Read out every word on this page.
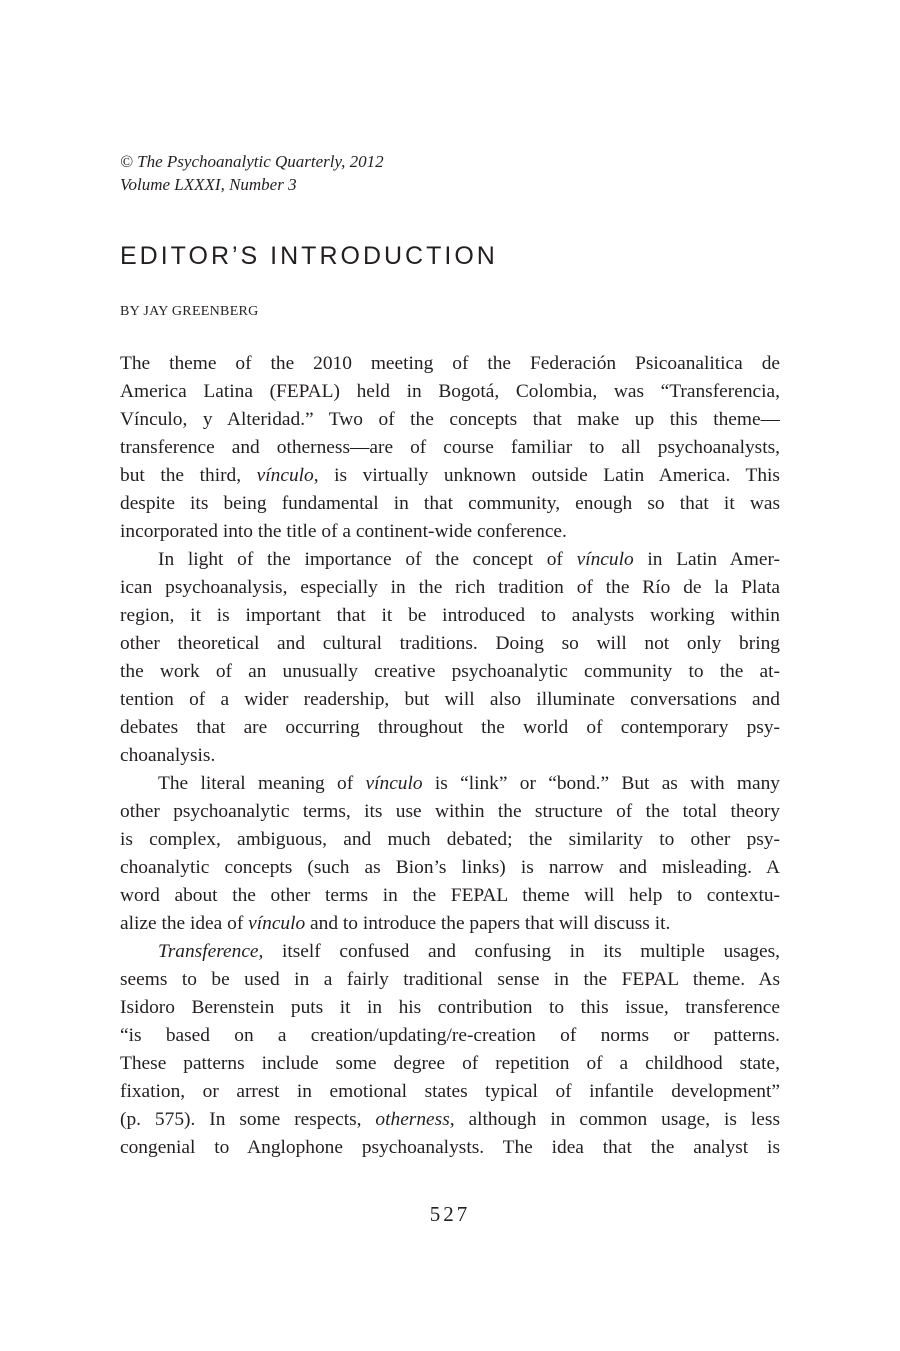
© The Psychoanalytic Quarterly, 2012
Volume LXXXI, Number 3
EDITOR’S INTRODUCTION
BY JAY GREENBERG
The theme of the 2010 meeting of the Federación Psicoanalitica de
America Latina (FEPAL) held in Bogotá, Colombia, was “Transferencia,
Vínculo, y Alteridad.” Two of the concepts that make up this theme—
transference and otherness—are of course familiar to all psychoanalysts,
but the third, vínculo, is virtually unknown outside Latin America. This
despite its being fundamental in that community, enough so that it was
incorporated into the title of a continent-wide conference.
In light of the importance of the concept of vínculo in Latin Amer-
ican psychoanalysis, especially in the rich tradition of the Río de la Plata
region, it is important that it be introduced to analysts working within
other theoretical and cultural traditions. Doing so will not only bring
the work of an unusually creative psychoanalytic community to the at-
tention of a wider readership, but will also illuminate conversations and
debates that are occurring throughout the world of contemporary psy-
choanalysis.
The literal meaning of vínculo is “link” or “bond.” But as with many
other psychoanalytic terms, its use within the structure of the total theory
is complex, ambiguous, and much debated; the similarity to other psy-
choanalytic concepts (such as Bion’s links) is narrow and misleading. A
word about the other terms in the FEPAL theme will help to contextu-
alize the idea of vínculo and to introduce the papers that will discuss it.
Transference, itself confused and confusing in its multiple usages,
seems to be used in a fairly traditional sense in the FEPAL theme. As
Isidoro Berenstein puts it in his contribution to this issue, transference
“is based on a creation/updating/re-creation of norms or patterns.
These patterns include some degree of repetition of a childhood state,
fixation, or arrest in emotional states typical of infantile development”
(p. 575). In some respects, otherness, although in common usage, is less
congenial to Anglophone psychoanalysts. The idea that the analyst is
527
